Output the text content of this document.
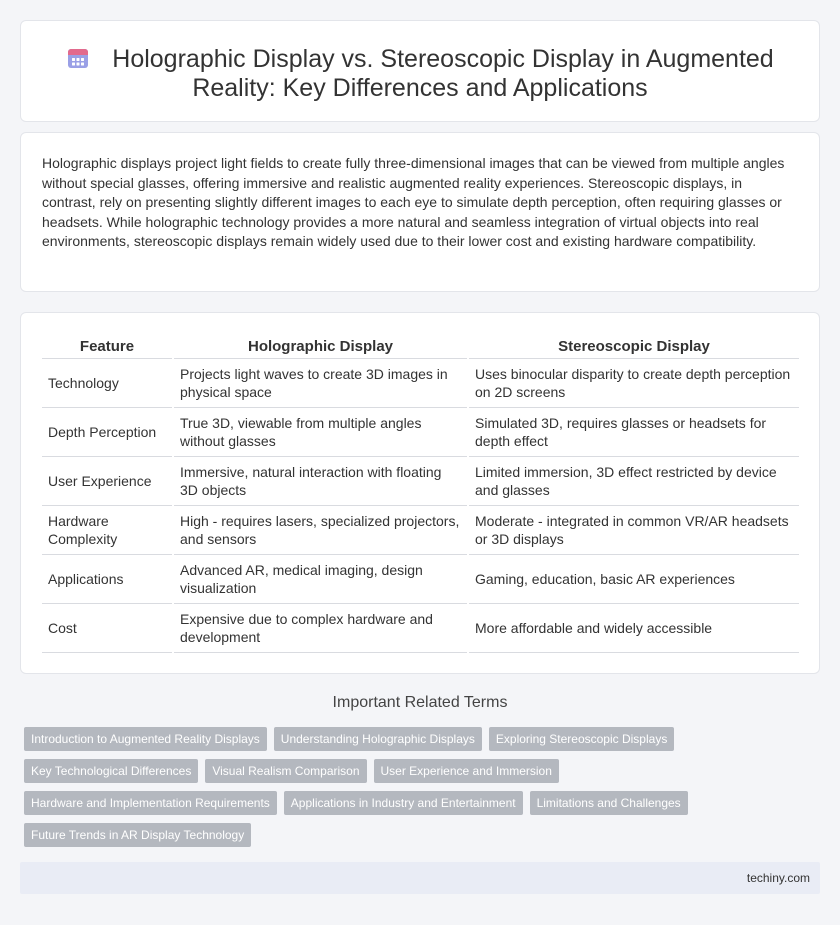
Holographic Display vs. Stereoscopic Display in Augmented
Reality: Key Differences and Applications

Holographic displays project light fields to create fully three-dimensional images that can be viewed from multiple angles without special glasses, offering immersive and realistic augmented reality experiences. Stereoscopic displays, in contrast, rely on presenting slightly different images to each eye to simulate depth perception, often requiring glasses or headsets. While holographic technology provides a more natural and seamless integration of virtual objects into real environments, stereoscopic displays remain widely used due to their lower cost and existing hardware compatibility.

Feature	Holographic Display	Stereoscopic Display
Technology	Projects light waves to create 3D images in physical space	Uses binocular disparity to create depth perception on 2D screens
Depth Perception	True 3D, viewable from multiple angles without glasses	Simulated 3D, requires glasses or headsets for depth effect
User Experience	Immersive, natural interaction with floating 3D objects	Limited immersion, 3D effect restricted by device and glasses
Hardware Complexity	High - requires lasers, specialized projectors, and sensors	Moderate - integrated in common VR/AR headsets or 3D displays
Applications	Advanced AR, medical imaging, design visualization	Gaming, education, basic AR experiences
Cost	Expensive due to complex hardware and development	More affordable and widely accessible
Important Related Terms
Introduction to Augmented Reality Displays	Understanding Holographic Displays	Exploring Stereoscopic Displays
Key Technological Differences	Visual Realism Comparison	User Experience and Immersion
Hardware and Implementation Requirements	Applications in Industry and Entertainment	Limitations and Challenges
Future Trends in AR Display Technology
techiny.com
